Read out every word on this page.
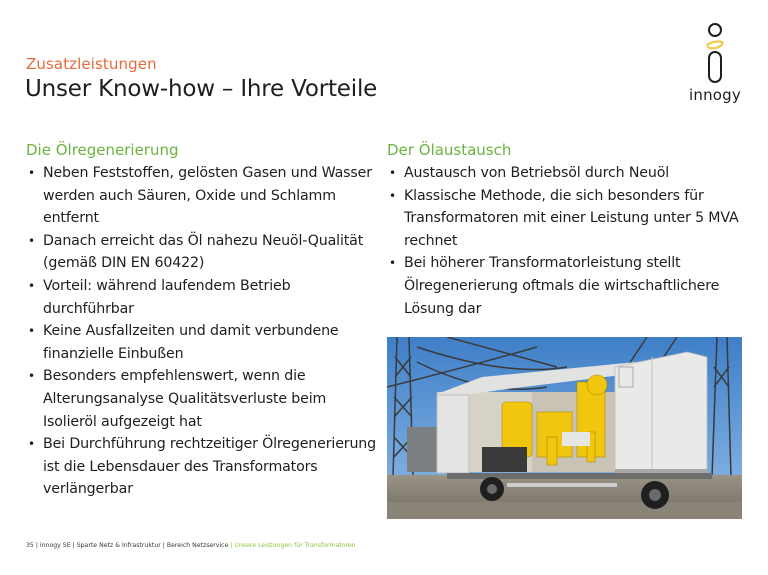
Zusatzleistungen
Unser Know-how – Ihre Vorteile	innogy
Die Ölregenerierung
• Neben Feststoffen, gelösten Gasen und Wasser werden auch Säuren, Oxide und Schlamm entfernt
• Danach erreicht das Öl nahezu Neuöl-Qualität (gemäß DIN EN 60422)
• Vorteil: während laufendem Betrieb durchführbar
• Keine Ausfallzeiten und damit verbundene finanzielle Einbußen
• Besonders empfehlenswert, wenn die Alterungsanalyse Qualitätsverluste beim Isolieröl aufgezeigt hat
• Bei Durchführung rechtzeitiger Ölregenerierung ist die Lebensdauer des Transformators verlängerbar
Der Ölaustausch
• Austausch von Betriebsöl durch Neuöl
• Klassische Methode, die sich besonders für Transformatoren mit einer Leistung unter 5 MVA rechnet
• Bei höherer Transformatorleistung stellt Ölregenerierung oftmals die wirtschaftlichere Lösung dar
35 | innogy SE | Sparte Netz & Infrastruktur | Bereich Netzservice | Unsere Leistungen für Transformatoren
